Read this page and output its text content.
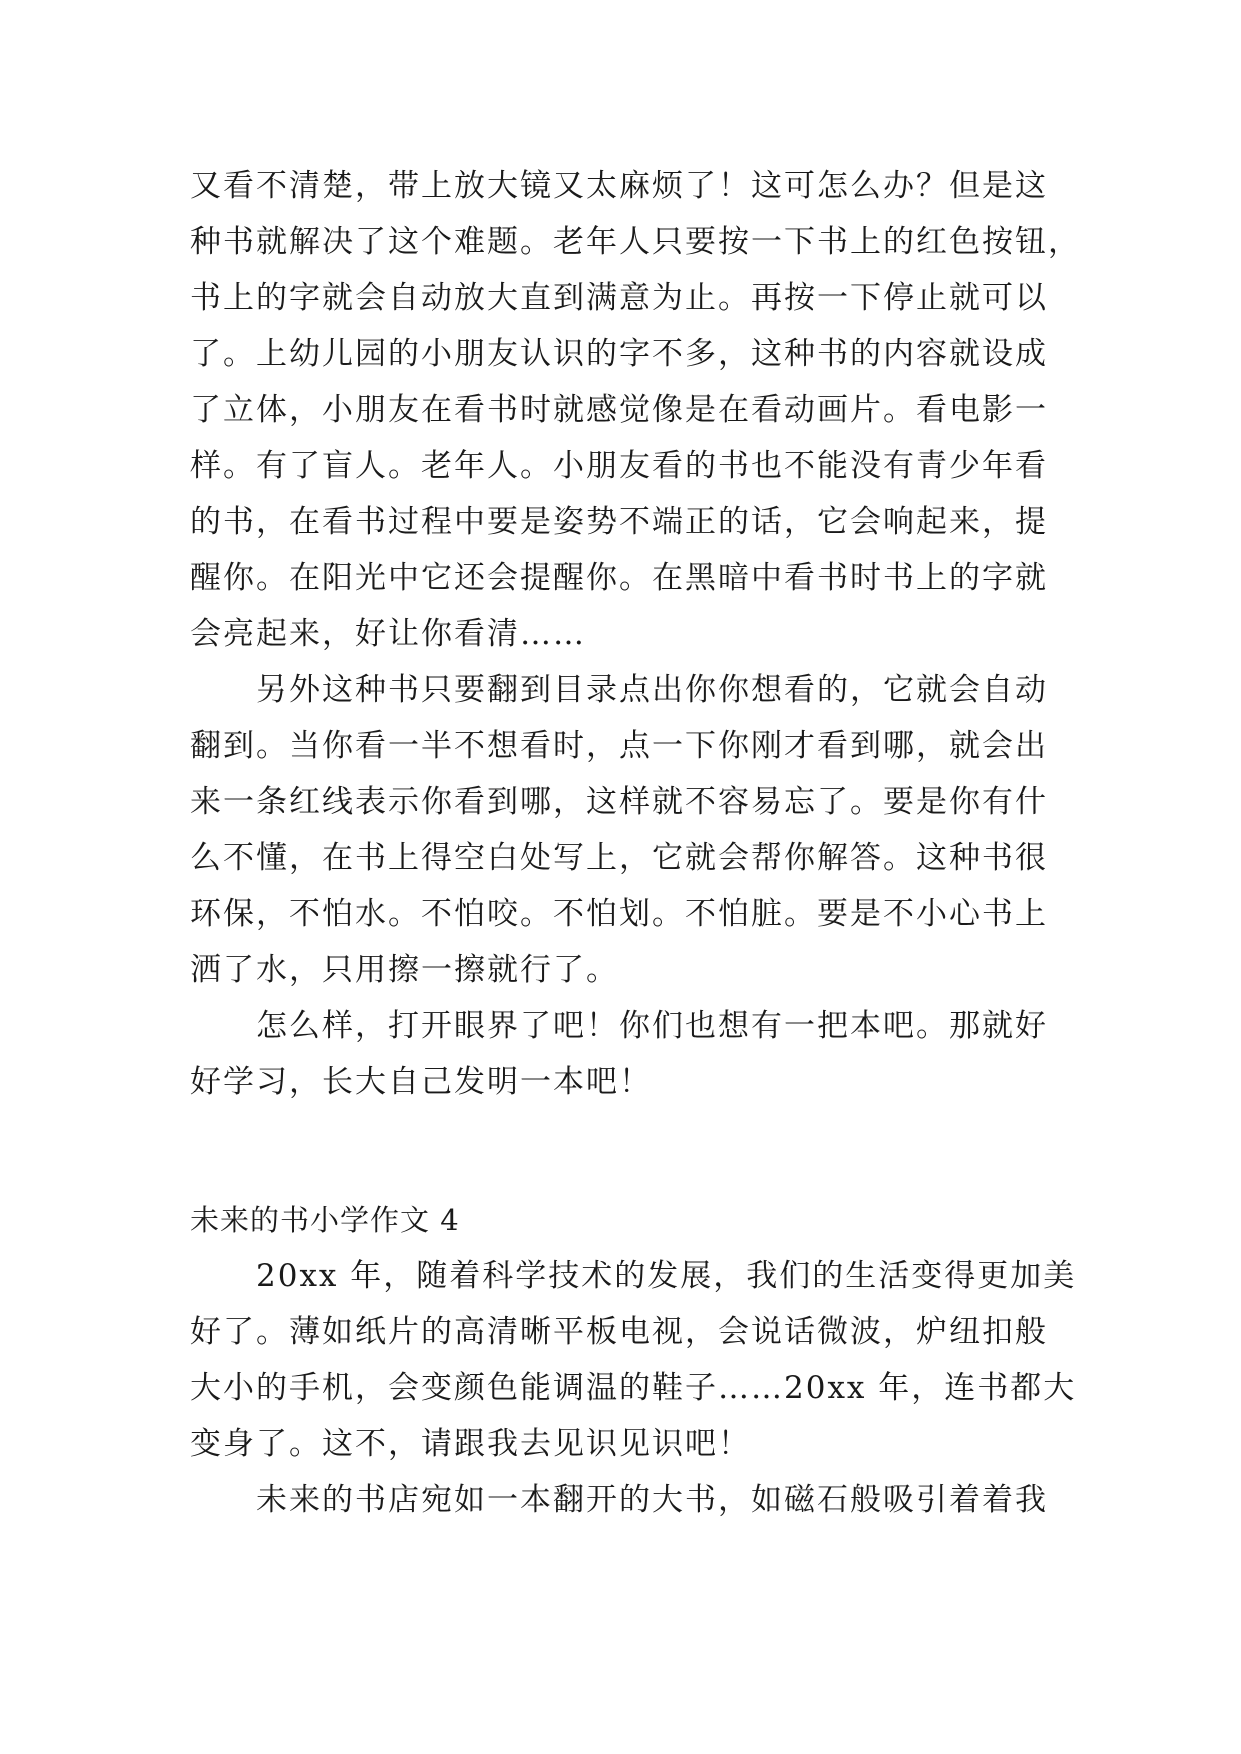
又看不清楚，带上放大镜又太麻烦了！这可怎么办？但是这
种书就解决了这个难题。老年人只要按一下书上的红色按钮，
书上的字就会自动放大直到满意为止。再按一下停止就可以
了。上幼儿园的小朋友认识的字不多，这种书的内容就设成
了立体，小朋友在看书时就感觉像是在看动画片。看电影一
样。有了盲人。老年人。小朋友看的书也不能没有青少年看
的书，在看书过程中要是姿势不端正的话，它会响起来，提
醒你。在阳光中它还会提醒你。在黑暗中看书时书上的字就
会亮起来，好让你看清……
另外这种书只要翻到目录点出你你想看的，它就会自动
翻到。当你看一半不想看时，点一下你刚才看到哪，就会出
来一条红线表示你看到哪，这样就不容易忘了。要是你有什
么不懂，在书上得空白处写上，它就会帮你解答。这种书很
环保，不怕水。不怕咬。不怕划。不怕脏。要是不小心书上
洒了水，只用擦一擦就行了。
怎么样，打开眼界了吧！你们也想有一把本吧。那就好
好学习，长大自己发明一本吧！
未来的书小学作文 4
20xx 年，随着科学技术的发展，我们的生活变得更加美
好了。薄如纸片的高清晰平板电视，会说话微波，炉纽扣般
大小的手机，会变颜色能调温的鞋子……20xx 年，连书都大
变身了。这不，请跟我去见识见识吧！
未来的书店宛如一本翻开的大书，如磁石般吸引着着我
